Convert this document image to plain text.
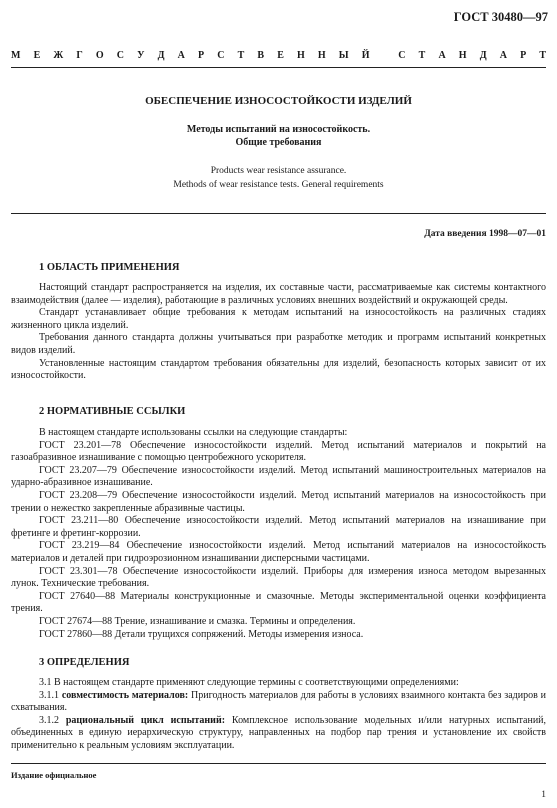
ГОСТ 30480—97
М Е Ж Г О С У Д А Р С Т В Е Н Н Ы Й
	С Т А Н Д А Р Т
ОБЕСПЕЧЕНИЕ ИЗНОСОСТОЙКОСТИ ИЗДЕЛИЙ
Методы испытаний на износостойкость.
Общие требования
Products wear resistance assurance.
Methods of wear resistance tests. General requirements
Дата введения 1998—07—01
1 ОБЛАСТЬ ПРИМЕНЕНИЯ

Настоящий стандарт распространяется на изделия, их составные части, рассматриваемые как системы контактного взаимодействия (далее — изделия), работающие в различных условиях внешних воздействий и окружающей среды.

Стандарт устанавливает общие требования к методам испытаний на износостойкость на различных стадиях жизненного цикла изделий.

Требования данного стандарта должны учитываться при разработке методик и программ испытаний конкретных видов изделий.

Установленные настоящим стандартом требования обязательны для изделий, безопасность которых зависит от их износостойкости.

2 НОРМАТИВНЫЕ ССЫЛКИ

В настоящем стандарте использованы ссылки на следующие стандарты:

ГОСТ 23.201—78 Обеспечение износостойкости изделий. Метод испытаний материалов и покрытий на газоабразивное изнашивание с помощью центробежного ускорителя.

ГОСТ 23.207—79 Обеспечение износостойкости изделий. Метод испытаний машиностроительных материалов на ударно-абразивное изнашивание.

ГОСТ 23.208—79 Обеспечение износостойкости изделий. Метод испытаний материалов на износостойкость при трении о нежестко закрепленные абразивные частицы.

ГОСТ 23.211—80 Обеспечение износостойкости изделий. Метод испытаний материалов на изнашивание при фретинге и фретинг-коррозии.

ГОСТ 23.219—84 Обеспечение износостойкости изделий. Метод испытаний материалов на износостойкость материалов и деталей при гидроэрозионном изнашивании дисперсными частицами.

ГОСТ 23.301—78 Обеспечение износостойкости изделий. Приборы для измерения износа методом вырезанных лунок. Технические требования.

ГОСТ 27640—88 Материалы конструкционные и смазочные. Методы экспериментальной оценки коэффициента трения.

ГОСТ 27674—88 Трение, изнашивание и смазка. Термины и определения.

ГОСТ 27860—88 Детали трущихся сопряжений. Методы измерения износа.

3 ОПРЕДЕЛЕНИЯ

3.1 В настоящем стандарте применяют следующие термины с соответствующими определениями:

3.1.1 совместимость материалов: Пригодность материалов для работы в условиях взаимного контакта без задиров и схватывания.

3.1.2 рациональный цикл испытаний: Комплексное использование модельных и/или натурных испытаний, объединенных в единую иерархическую структуру, направленных на подбор пар трения и установление их свойств применительно к реальным условиям эксплуатации.

Издание официальное
1
